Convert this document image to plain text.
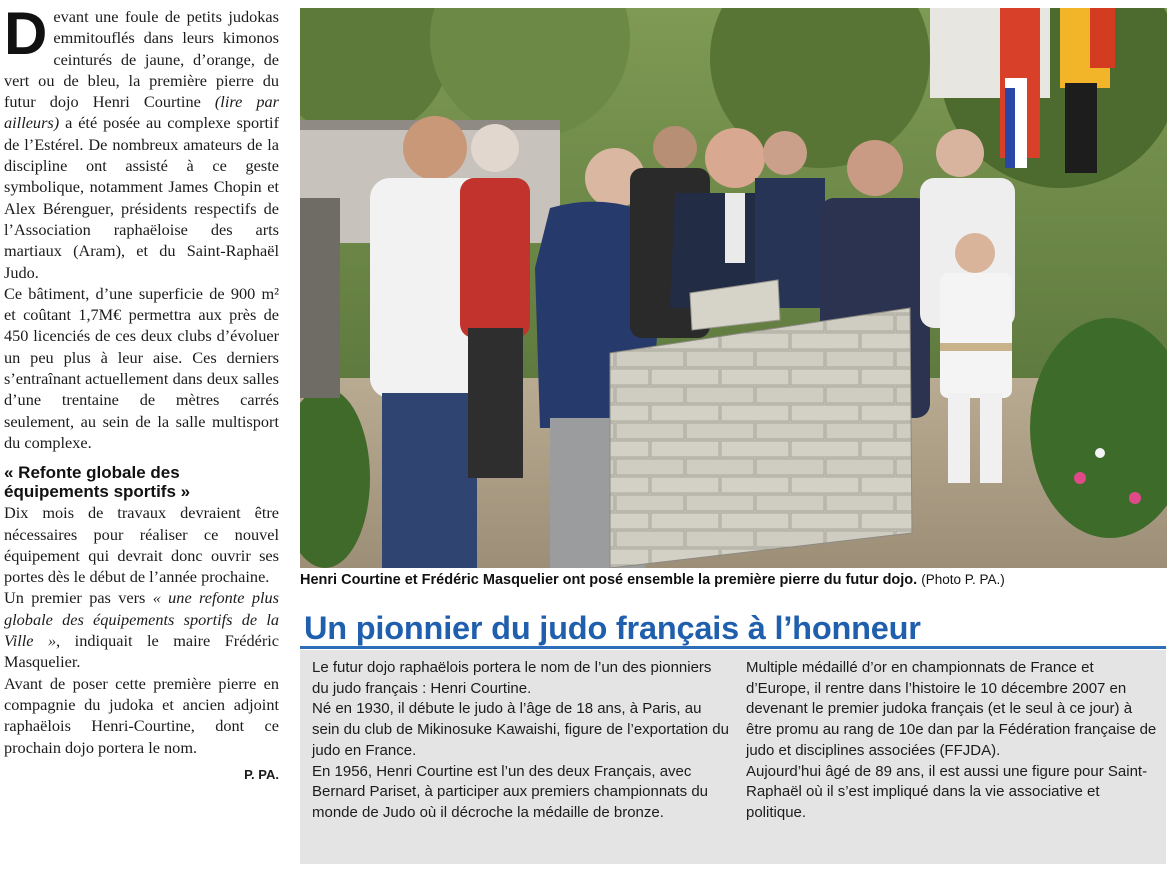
Devant une foule de petits judokas emmitouflés dans leurs kimonos ceinturés de jaune, d’orange, de vert ou de bleu, la première pierre du futur dojo Henri Courtine (lire par ailleurs) a été posée au complexe sportif de l’Estérel. De nombreux amateurs de la discipline ont assisté à ce geste symbolique, notamment James Chopin et Alex Bérenguer, présidents respectifs de l’Association raphaëloise des arts martiaux (Aram), et du Saint-Raphaël Judo.

Ce bâtiment, d’une superficie de 900 m² et coûtant 1,7M€ permettra aux près de 450 licenciés de ces deux clubs d’évoluer un peu plus à leur aise. Ces derniers s’entraînant actuellement dans deux salles d’une trentaine de mètres carrés seulement, au sein de la salle multisport du complexe.

« Refonte globale des équipements sportifs »

Dix mois de travaux devraient être nécessaires pour réaliser ce nouvel équipement qui devrait donc ouvrir ses portes dès le début de l’année prochaine.

Un premier pas vers « une refonte plus globale des équipements sportifs de la Ville », indiquait le maire Frédéric Masquelier.

Avant de poser cette première pierre en compagnie du judoka et ancien adjoint raphaëlois Henri-Courtine, dont ce prochain dojo portera le nom.

P. PA.
Henri Courtine et Frédéric Masquelier ont posé ensemble la première pierre du futur dojo. (Photo P. PA.)
Un pionnier du judo français à l’honneur

Le futur dojo raphaëlois portera le nom de l’un des pionniers du judo français : Henri Courtine.

Né en 1930, il débute le judo à l’âge de 18 ans, à Paris, au sein du club de Mikinosuke Kawaishi, figure de l’exportation du judo en France.

En 1956, Henri Courtine est l’un des deux Français, avec Bernard Pariset, à participer aux premiers championnats du monde de Judo où il décroche la médaille de bronze.

Multiple médaillé d’or en championnats de France et d’Europe, il rentre dans l’histoire le 10 décembre 2007 en devenant le premier judoka français (et le seul à ce jour) à être promu au rang de 10e dan par la Fédération française de judo et disciplines associées (FFJDA).

Aujourd’hui âgé de 89 ans, il est aussi une figure pour Saint-Raphaël où il s’est impliqué dans la vie associative et politique.
